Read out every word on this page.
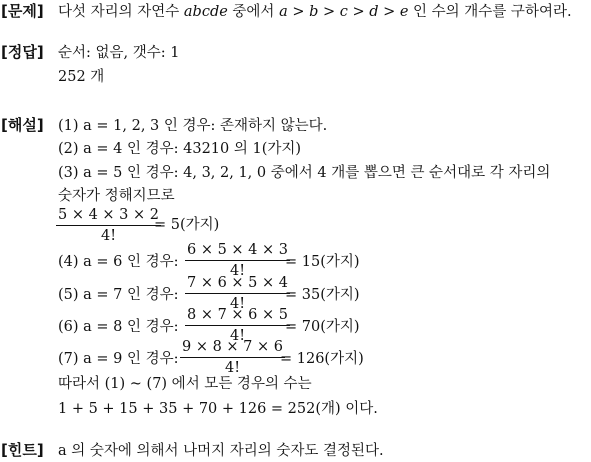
[문제] 다섯 자리의 자연수 abcde 중에서 a > b > c > d > e 인 수의 개수를 구하여라.
[정답] 순서: 없음, 갯수: 1
252 개
[해설] (1) a = 1, 2, 3 인 경우: 존재하지 않는다.
(2) a = 4 인 경우: 43210 의 1(가지)
(3) a = 5 인 경우: 4, 3, 2, 1, 0 중에서 4 개를 뽑으면 큰 순서대로 각 자리의
숫자가 정해지므로
$\frac{5 \times 4 \times 3 \times 2}{4!}$
= 5(가지)
(4) a = 6 인 경우: $\frac{6 \times 5 \times 4 \times 3}{4!}$
= 15(가지)
(5) a = 7 인 경우: $\frac{7 \times 6 \times 5 \times 4}{4!}$
= 35(가지)
(6) a = 8 인 경우: $\frac{8 \times 7 \times 6 \times 5}{4!}$
= 70(가지)
(7) a = 9 인 경우: $\frac{9 \times 8 \times 7 \times 6}{4!}$
= 126(가지)
따라서 (1) ~ (7) 에서 모든 경우의 수는
1 + 5 + 15 + 35 + 70 + 126 = 252(개) 이다.
[힌트] a 의 숫자에 의해서 나머지 자리의 숫자도 결정된다.
